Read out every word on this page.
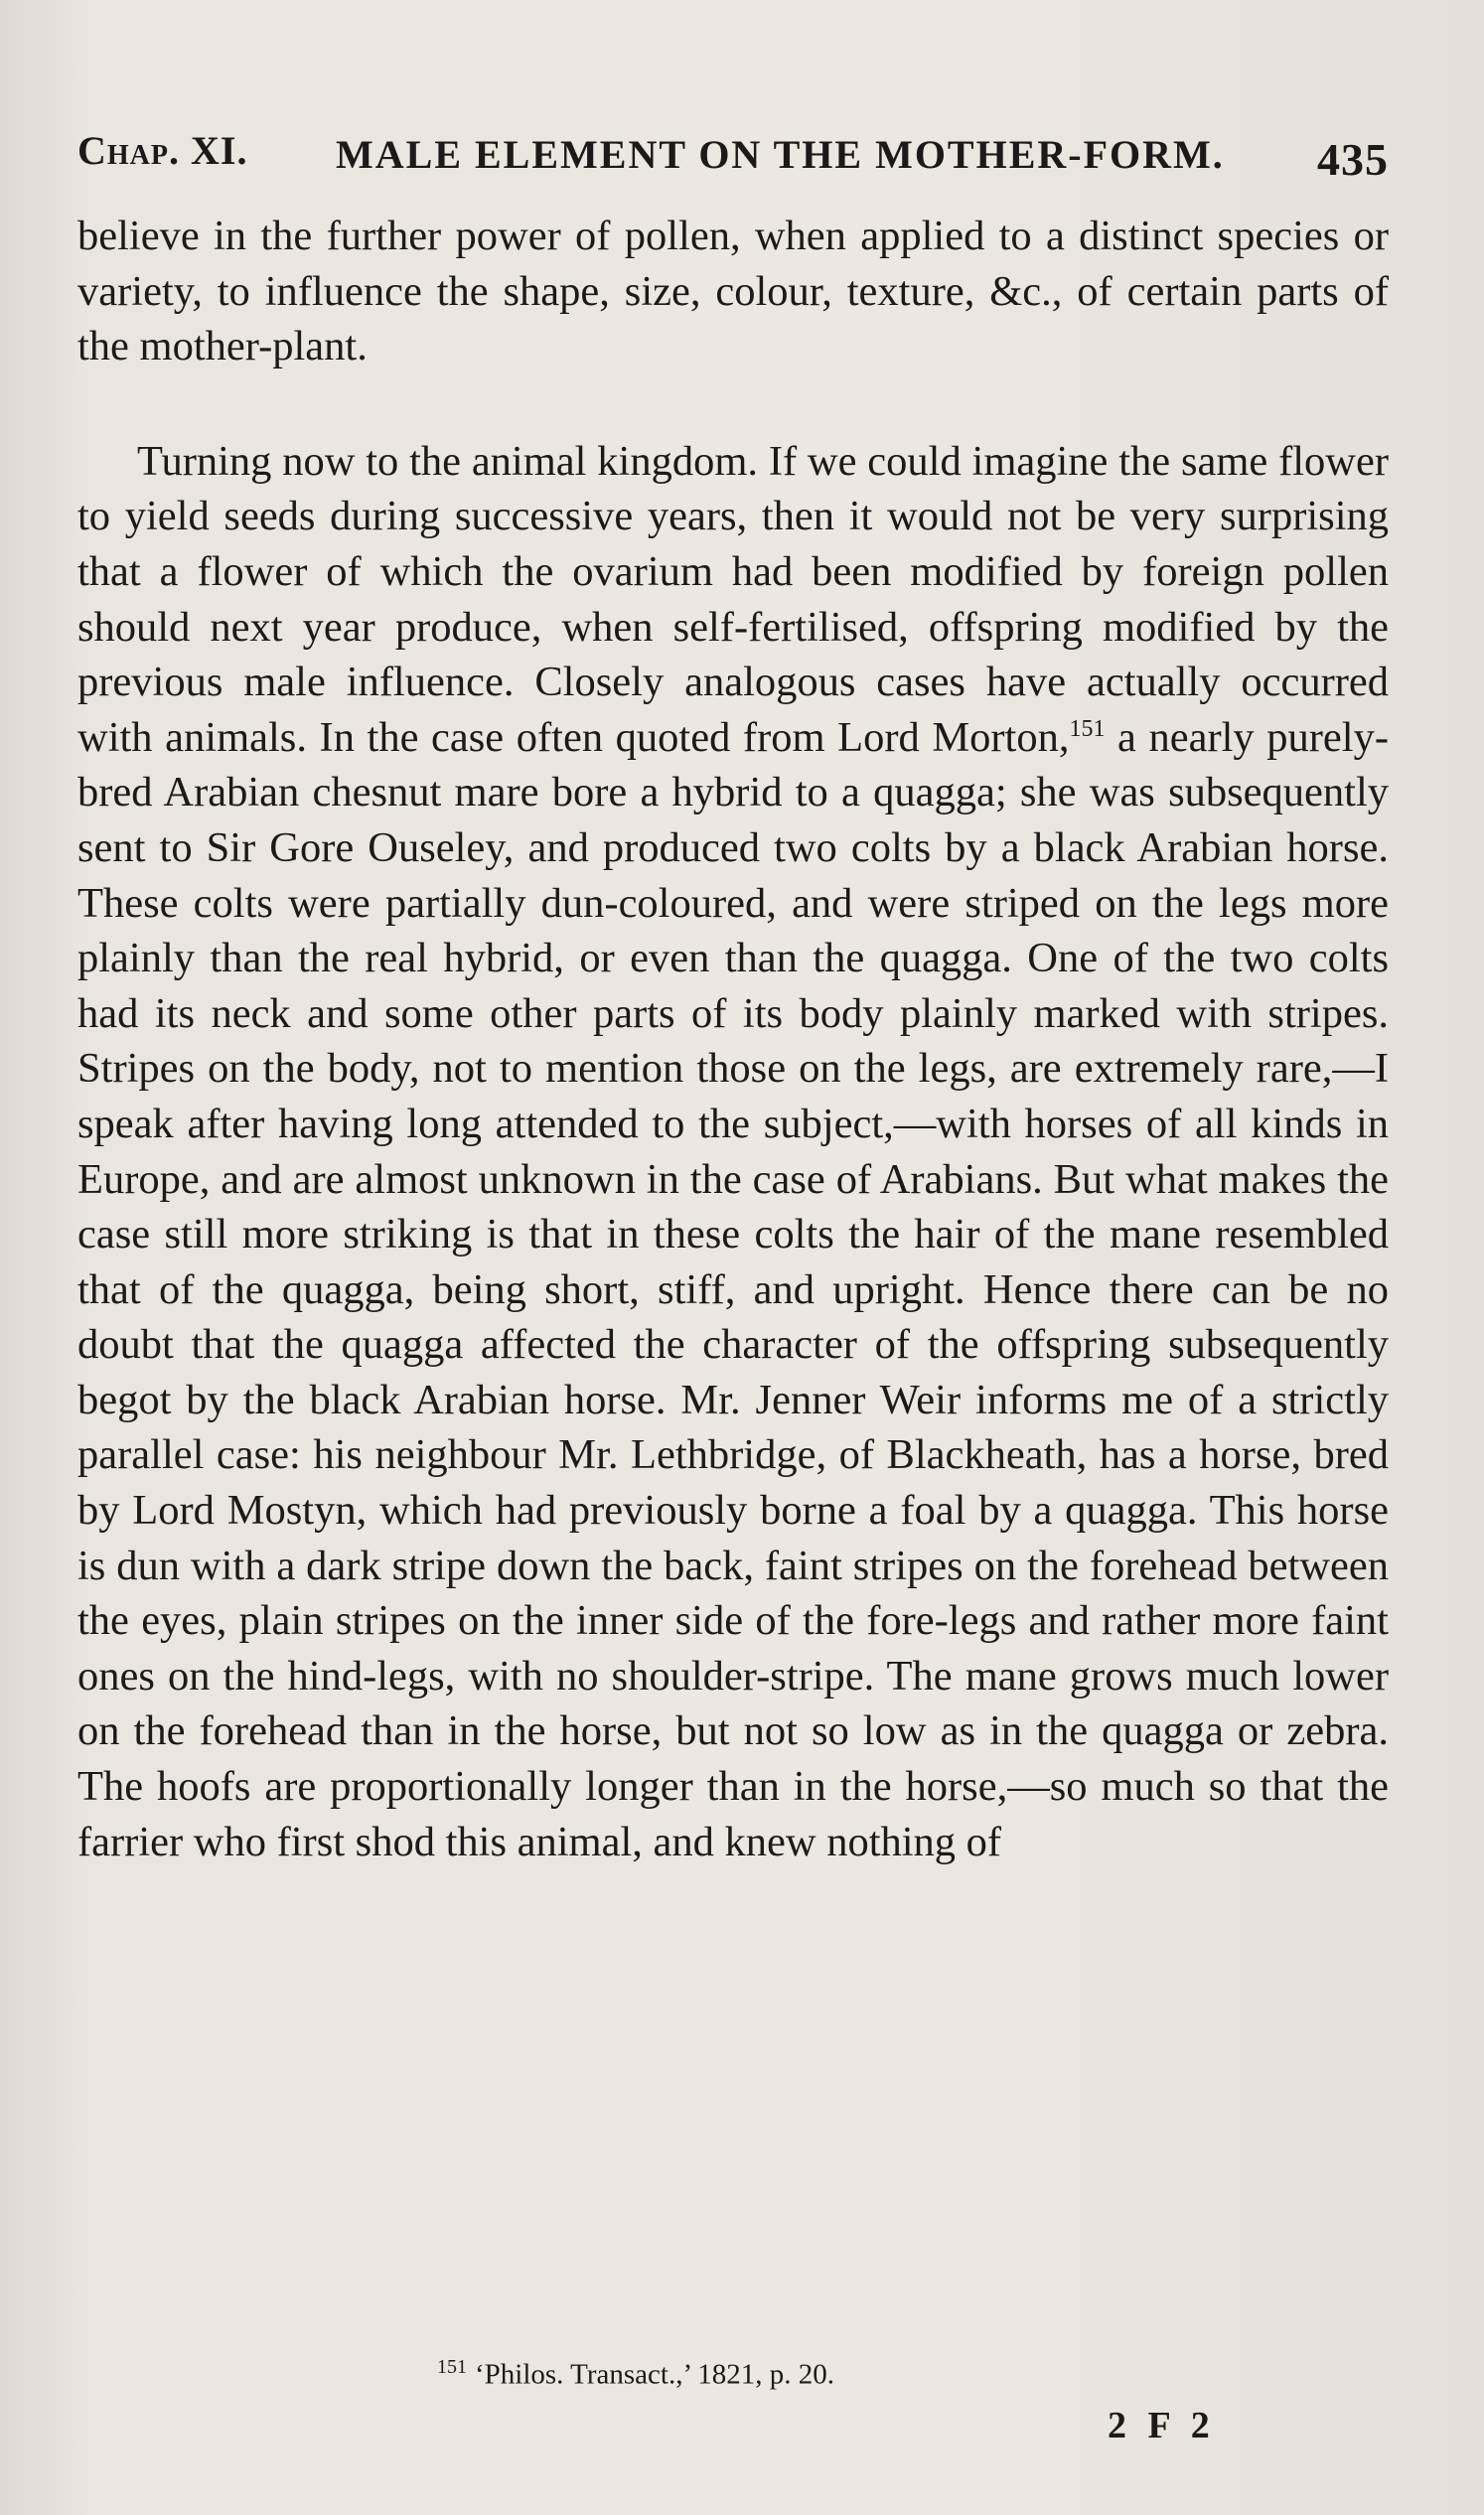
Chap. XI. MALE ELEMENT ON THE MOTHER-FORM. 435

believe in the further power of pollen, when applied to a distinct species or variety, to influence the shape, size, colour, texture, &c., of certain parts of the mother-plant.

Turning now to the animal kingdom. If we could imagine the same flower to yield seeds during successive years, then it would not be very surprising that a flower of which the ovarium had been modified by foreign pollen should next year produce, when self-fertilised, offspring modified by the previous male influence. Closely analogous cases have actually occurred with animals. In the case often quoted from Lord Morton,$^{151}$ a nearly purely-bred Arabian chesnut mare bore a hybrid to a quagga; she was subsequently sent to Sir Gore Ouseley, and produced two colts by a black Arabian horse. These colts were partially dun-coloured, and were striped on the legs more plainly than the real hybrid, or even than the quagga. One of the two colts had its neck and some other parts of its body plainly marked with stripes. Stripes on the body, not to mention those on the legs, are extremely rare,—I speak after having long attended to the subject,—with horses of all kinds in Europe, and are almost unknown in the case of Arabians. But what makes the case still more striking is that in these colts the hair of the mane resembled that of the quagga, being short, stiff, and upright. Hence there can be no doubt that the quagga affected the character of the offspring subsequently begot by the black Arabian horse. Mr. Jenner Weir informs me of a strictly parallel case: his neighbour Mr. Lethbridge, of Blackheath, has a horse, bred by Lord Mostyn, which had previously borne a foal by a quagga. This horse is dun with a dark stripe down the back, faint stripes on the forehead between the eyes, plain stripes on the inner side of the fore-legs and rather more faint ones on the hind-legs, with no shoulder-stripe. The mane grows much lower on the forehead than in the horse, but not so low as in the quagga or zebra. The hoofs are proportionally longer than in the horse,—so much so that the farrier who first shod this animal, and knew nothing of

$^{151}$ ‘Philos. Transact.,’ 1821, p. 20.
2 F 2
